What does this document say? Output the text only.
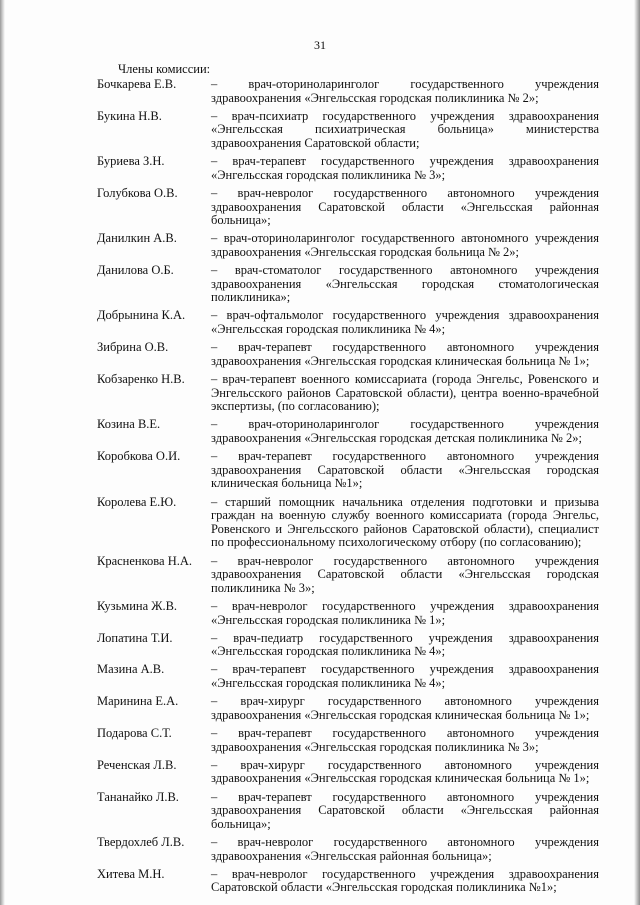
31
Члены комиссии:
Бочкарева Е.В.	– врач-оториноларинголог государственного учреждения здравоохранения «Энгельсская городская поликлиника № 2»;
Букина Н.В.	– врач-психиатр государственного учреждения здравоохранения «Энгельсская психиатрическая больница» министерства здравоохранения Саратовской области;
Буриева З.Н.	– врач-терапевт государственного учреждения здравоохранения «Энгельсская городская поликлиника № 3»;
Голубкова О.В.	– врач-невролог государственного автономного учреждения здравоохранения Саратовской области «Энгельсская районная больница»;
Данилкин А.В.	– врач-оториноларинголог государственного автономного учреждения здравоохранения «Энгельсская городская больница № 2»;
Данилова О.Б.	– врач-стоматолог государственного автономного учреждения здравоохранения «Энгельсская городская стоматологическая поликлиника»;
Добрынина К.А.	– врач-офтальмолог государственного учреждения здравоохранения «Энгельсская городская поликлиника № 4»;
Зибрина О.В.	– врач-терапевт государственного автономного учреждения здравоохранения «Энгельсская городская клиническая больница № 1»;
Кобзаренко Н.В.	– врач-терапевт военного комиссариата (города Энгельс, Ровенского и Энгельсского районов Саратовской области), центра военно-врачебной экспертизы, (по согласованию);
Козина В.Е.	– врач-оториноларинголог государственного учреждения здравоохранения «Энгельсская городская детская поликлиника № 2»;
Коробкова О.И.	– врач-терапевт государственного автономного учреждения здравоохранения Саратовской области «Энгельсская городская клиническая больница №1»;
Королева Е.Ю.	– старший помощник начальника отделения подготовки и призыва граждан на военную службу военного комиссариата (города Энгельс, Ровенского и Энгельсского районов Саратовской области), специалист по профессиональному психологическому отбору (по согласованию);
Красненкова Н.А.	– врач-невролог государственного автономного учреждения здравоохранения Саратовской области «Энгельсская городская поликлиника № 3»;
Кузьмина Ж.В.	– врач-невролог государственного учреждения здравоохранения «Энгельсская городская поликлиника № 1»;
Лопатина Т.И.	– врач-педиатр государственного учреждения здравоохранения «Энгельсская городская поликлиника № 4»;
Мазина А.В.	– врач-терапевт государственного учреждения здравоохранения «Энгельсская городская поликлиника № 4»;
Маринина Е.А.	– врач-хирург государственного автономного учреждения здравоохранения «Энгельсская городская клиническая больница № 1»;
Подарова С.Т.	– врач-терапевт государственного автономного учреждения здравоохранения «Энгельсская городская поликлиника № 3»;
Реченская Л.В.	– врач-хирург государственного автономного учреждения здравоохранения «Энгельсская городская клиническая больница № 1»;
Тананайко Л.В.	– врач-терапевт государственного автономного учреждения здравоохранения Саратовской области «Энгельсская районная больница»;
Твердохлеб Л.В.	– врач-невролог государственного автономного учреждения здравоохранения «Энгельсская районная больница»;
Хитева М.Н.	– врач-невролог государственного учреждения здравоохранения Саратовской области «Энгельсская городская поликлиника №1»;
